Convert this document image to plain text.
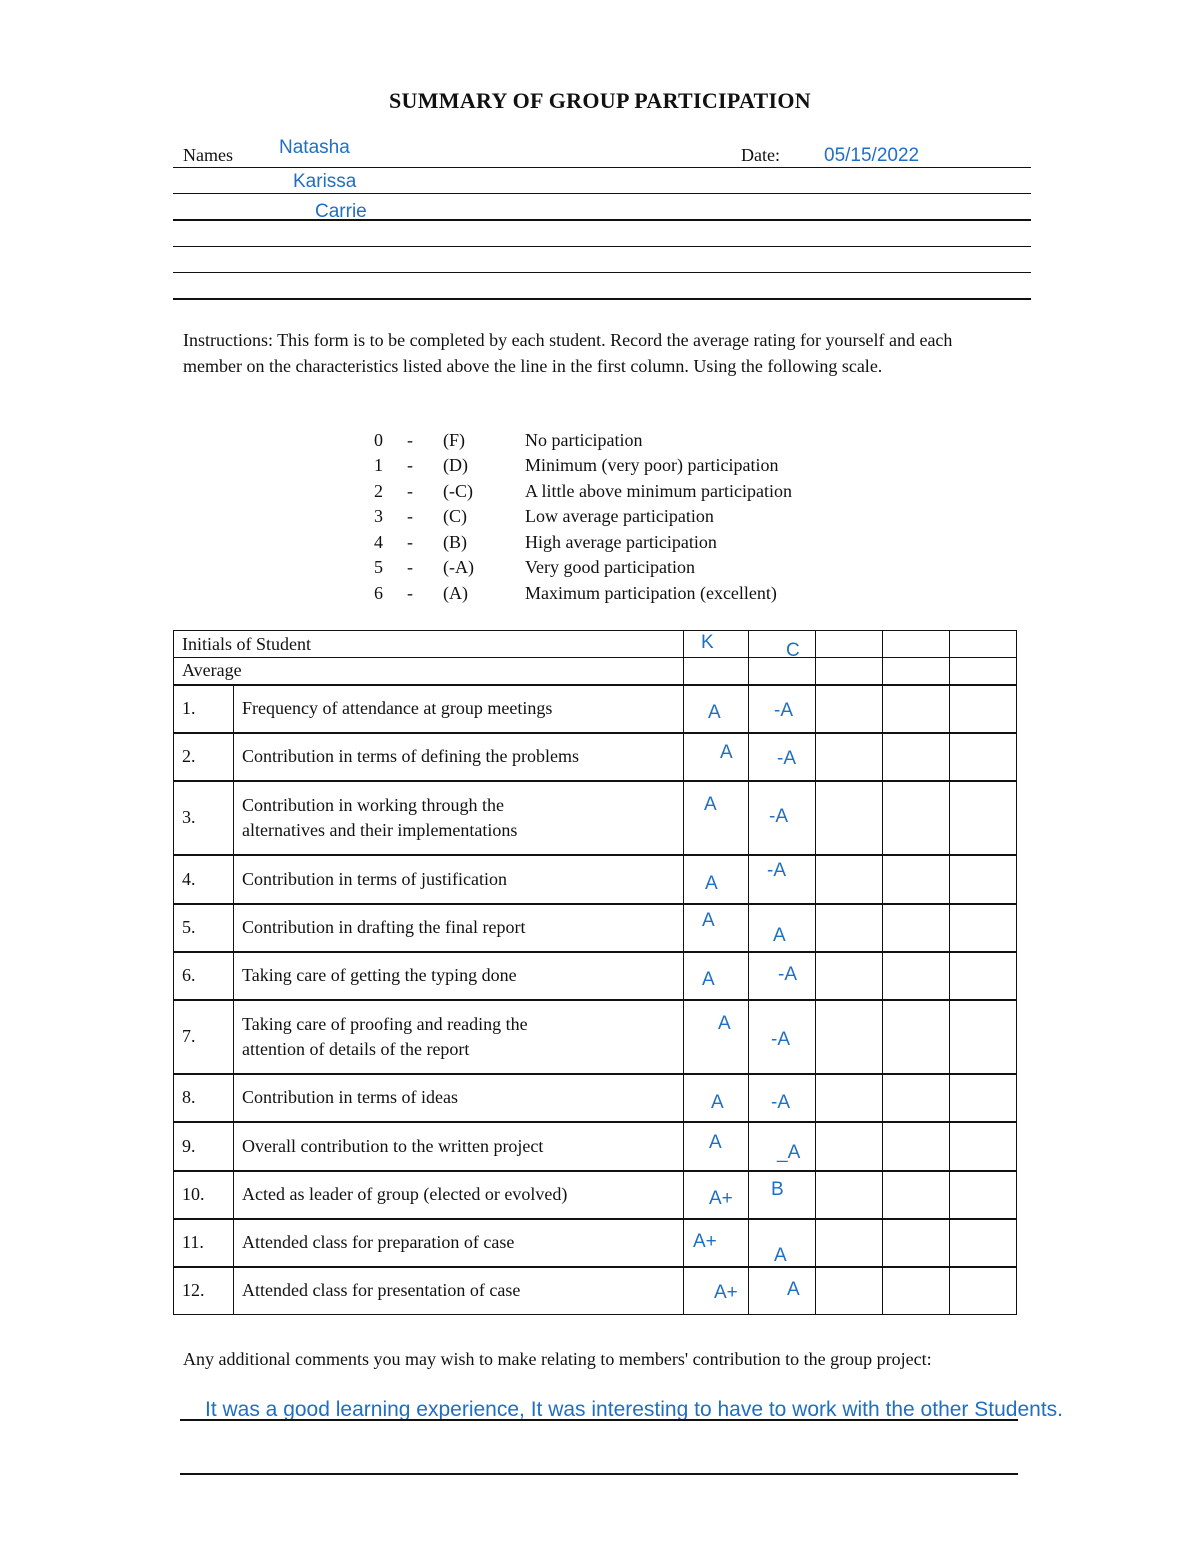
SUMMARY OF GROUP PARTICIPATION
Names	Date: 05/15/2022
Natasha
Karissa
Carrie
Instructions: This form is to be completed by each student. Record the average rating for yourself and each member on the characteristics listed above the line in the first column. Using the following scale.
0 - (F)	No participation
1 - (D)	Minimum (very poor) participation
2 - (-C)	A little above minimum participation
3 - (C)	Low average participation
4 - (B)	High average participation
5 - (-A)	Very good participation
6 - (A)	Maximum participation (excellent)
Initials of Student		K	C			

Average						
1.	Frequency of attendance at group meetings	A	-A			

2.	Contribution in terms of defining the problems	A	-A			

3.	Contribution in working through the
alternatives and their implementations	A	-A			

4.	Contribution in terms of justification	A	-A			

5.	Contribution in drafting the final report	A	A			

6.	Taking care of getting the typing done	A	-A			

7.	Taking care of proofing and reading the
attention of details of the report	A	-A			

8.	Contribution in terms of ideas	A	-A			

9.	Overall contribution to the written project	A	_A			

10.	Acted as leader of group (elected or evolved)	A+	B			

11.	Attended class for preparation of case	A+	A			

12.	Attended class for presentation of case	A+	A			

Any additional comments you may wish to make relating to members' contribution to the group project:
It was a good learning experience, It was interesting to have to work with the other Students.
